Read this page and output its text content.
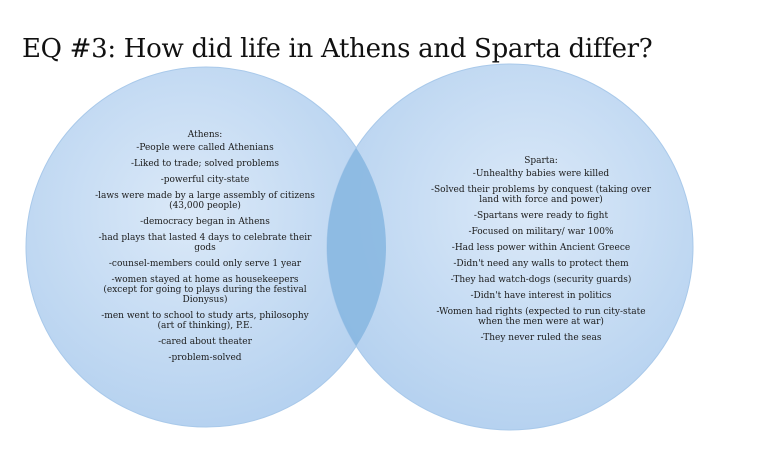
EQ #3: How did life in Athens and Sparta differ?
Athens:
-People were called Athenians
-Liked to trade; solved problems
-powerful city-state
-laws were made by a large assembly of citizens (43,000 people)
-democracy began in Athens
-had plays that lasted 4 days to celebrate their gods
-counsel-members could only serve 1 year
-women stayed at home as housekeepers (except for going to plays during the festival Dionysus)
-men went to school to study arts, philosophy (art of thinking), P.E.
-cared about theater
-problem-solved
Sparta:
-Unhealthy babies were killed
-Solved their problems by conquest (taking over land with force and power)
-Spartans were ready to fight
-Focused on military/ war 100%
-Had less power within Ancient Greece
-Didn't need any walls to protect them
-They had watch-dogs (security guards)
-Didn't have interest in politics
-Women had rights (expected to run city-state when the men were at war)
-They never ruled the seas
